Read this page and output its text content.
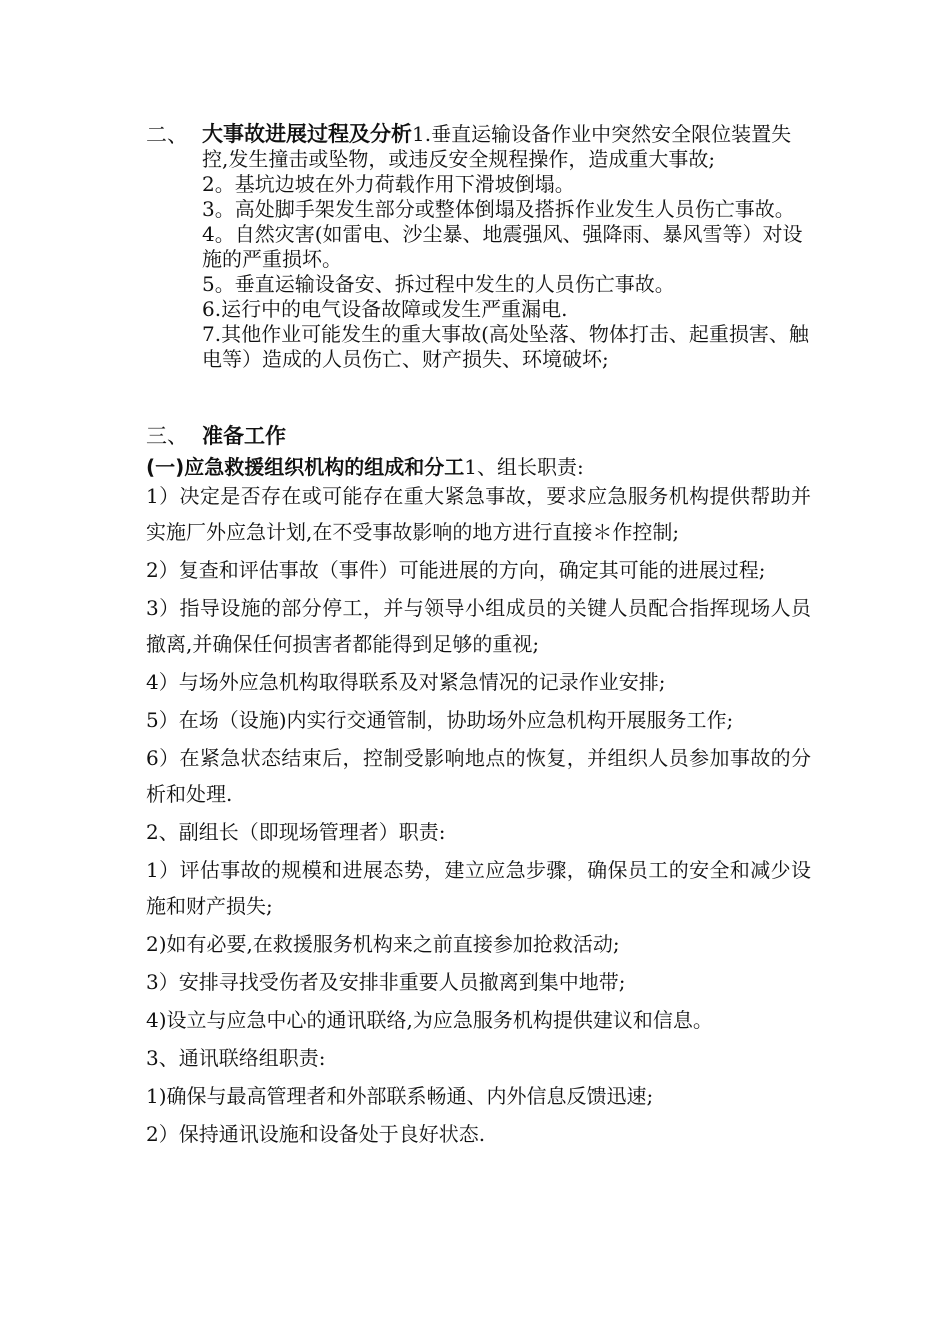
二、 大事故进展过程及分析1.垂直运输设备作业中突然安全限位装置失控,发生撞击或坠物，或违反安全规程操作，造成重大事故;

2。基坑边坡在外力荷载作用下滑坡倒塌。

3。高处脚手架发生部分或整体倒塌及搭拆作业发生人员伤亡事故。

4。自然灾害(如雷电、沙尘暴、地震强风、强降雨、暴风雪等）对设施的严重损坏。

5。垂直运输设备安、拆过程中发生的人员伤亡事故。

6.运行中的电气设备故障或发生严重漏电.

7.其他作业可能发生的重大事故(高处坠落、物体打击、起重损害、触电等）造成的人员伤亡、财产损失、环境破坏;

三、 准备工作

(一)应急救援组织机构的组成和分工1、组长职责:

1）决定是否存在或可能存在重大紧急事故，要求应急服务机构提供帮助并实施厂外应急计划,在不受事故影响的地方进行直接＊作控制;

2）复查和评估事故（事件）可能进展的方向，确定其可能的进展过程;

3）指导设施的部分停工，并与领导小组成员的关键人员配合指挥现场人员撤离,并确保任何损害者都能得到足够的重视;

4）与场外应急机构取得联系及对紧急情况的记录作业安排;

5）在场（设施)内实行交通管制，协助场外应急机构开展服务工作;

6）在紧急状态结束后，控制受影响地点的恢复，并组织人员参加事故的分析和处理.

2、副组长（即现场管理者）职责:

1）评估事故的规模和进展态势，建立应急步骤，确保员工的安全和减少设施和财产损失;

2)如有必要,在救援服务机构来之前直接参加抢救活动;

3）安排寻找受伤者及安排非重要人员撤离到集中地带;

4)设立与应急中心的通讯联络,为应急服务机构提供建议和信息。

3、通讯联络组职责:

1)确保与最高管理者和外部联系畅通、内外信息反馈迅速;

2）保持通讯设施和设备处于良好状态.
